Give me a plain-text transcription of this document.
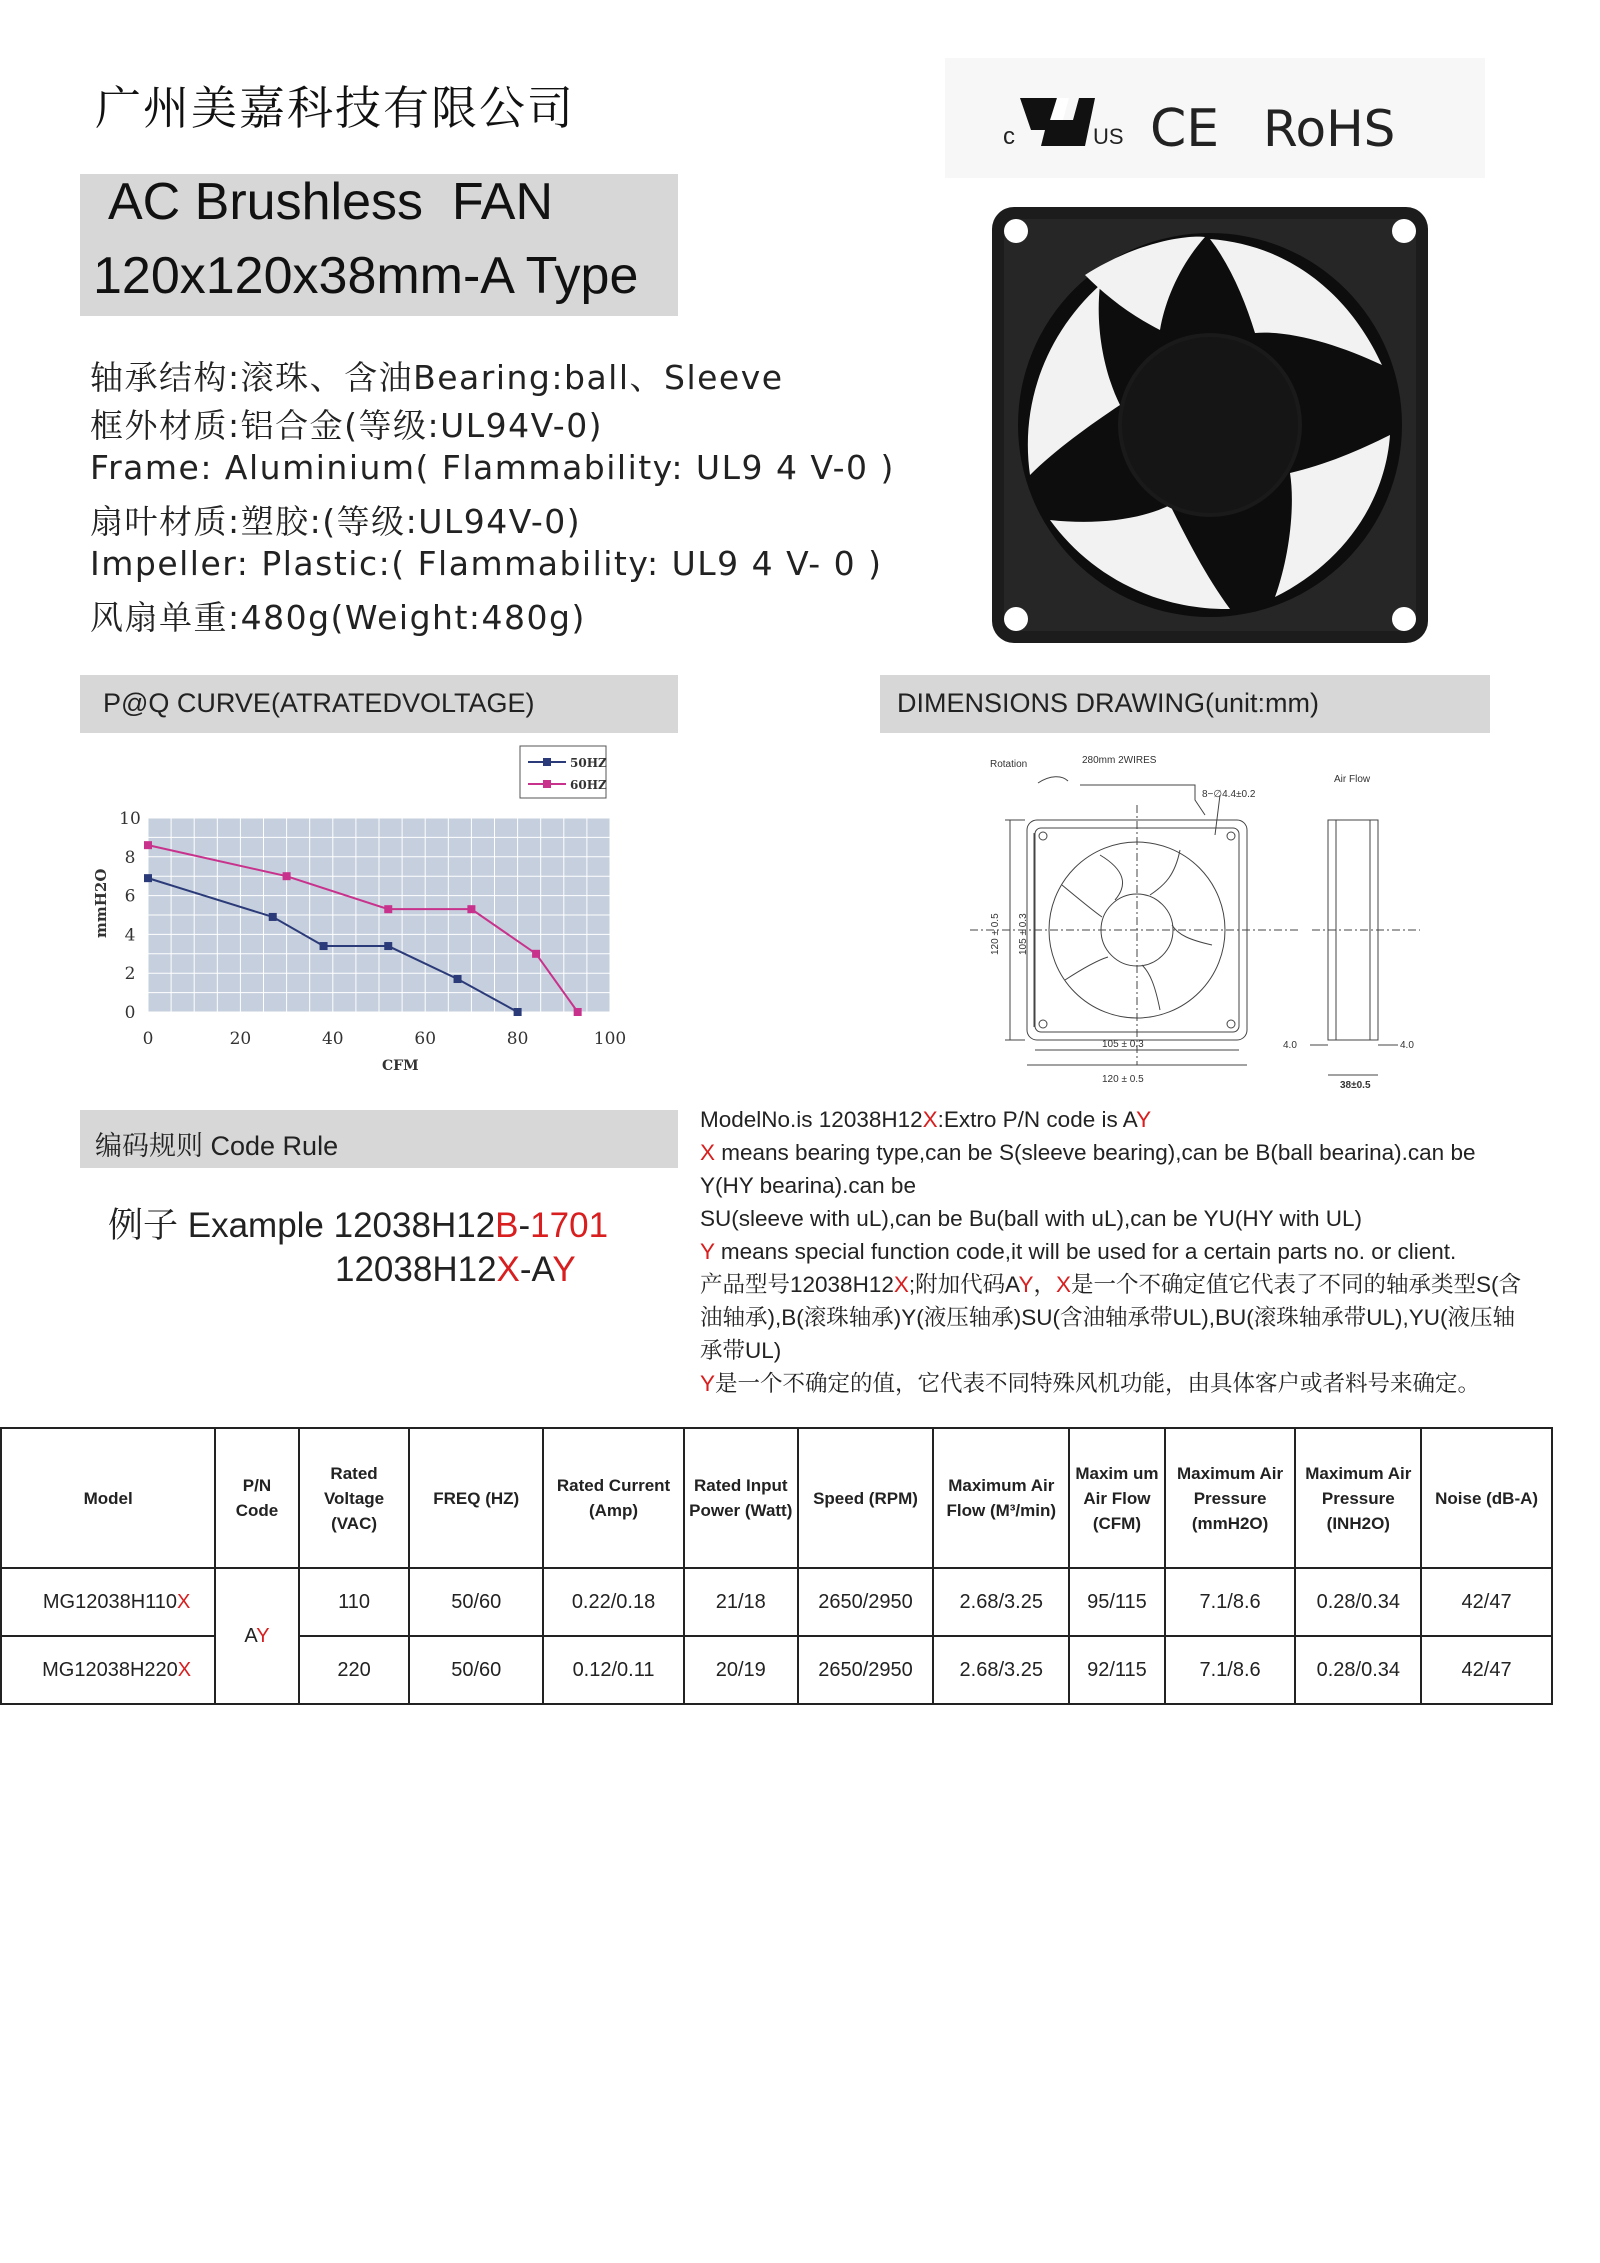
广州美嘉科技有限公司
AC Brushless  FAN
120x120x38mm-A Type
c	US CE RoHS
轴承结构:滚珠、含油Bearing:ball、Sleeve
框外材质:铝合金(等级:UL94V-0)
Frame: Aluminium( Flammability: UL9 4 V-0 )
扇叶材质:塑胶:(等级:UL94V-0)
Impeller: Plastic:( Flammability: UL9 4 V- 0 )
风扇单重:480g(Weight:480g)
P@Q CURVE(ATRATEDVOLTAGE)	DIMENSIONS DRAWING(unit:mm)
0	20	40	60	80	100
0
2
4
6
8
10
CFM
mmH2O
50HZ
60HZ
Rotation	280mm 2WIRES
8−∅4.4±0.2
Air Flow
120 ± 0.5 105 ± 0.3
105 ± 0.3
120 ± 0.5
4.0	4.0
38±0.5
编码规则 Code Rule
例子 Example 12038H12B-1701
12038H12X-AY
ModelNo.is 12038H12X:Extro P/N code is AY
X means bearing type,can be S(sleeve bearing),can be B(ball bearina).can be
Y(HY bearina).can be
SU(sleeve with uL),can be Bu(ball with uL),can be YU(HY with UL)
Y means special function code,it will be used for a certain parts no. or client.
产品型号12038H12X;附加代码AY，X是一个不确定值它代表了不同的轴承类型S(含
油轴承),B(滚珠轴承)Y(液压轴承)SU(含油轴承带UL),BU(滚珠轴承带UL),YU(液压轴
承带UL)
Y是一个不确定的值，它代表不同特殊风机功能，由具体客户或者料号来确定。
Model	P/N Code	Rated Voltage (VAC)	FREQ (HZ)	Rated Current (Amp)	Rated Input Power (Watt)	Speed (RPM)	Maximum Air Flow (M³/min)	Maxim um Air Flow (CFM)	Maximum Air Pressure (mmH2O)	Maximum Air Pressure (INH2O)	Noise (dB-A)
MG12038H110X	AY	110	50/60	0.22/0.18	21/18	2650/2950	2.68/3.25	95/115	7.1/8.6	0.28/0.34	42/47
MG12038H220X		220	50/60	0.12/0.11	20/19	2650/2950	2.68/3.25	92/115	7.1/8.6	0.28/0.34	42/47
